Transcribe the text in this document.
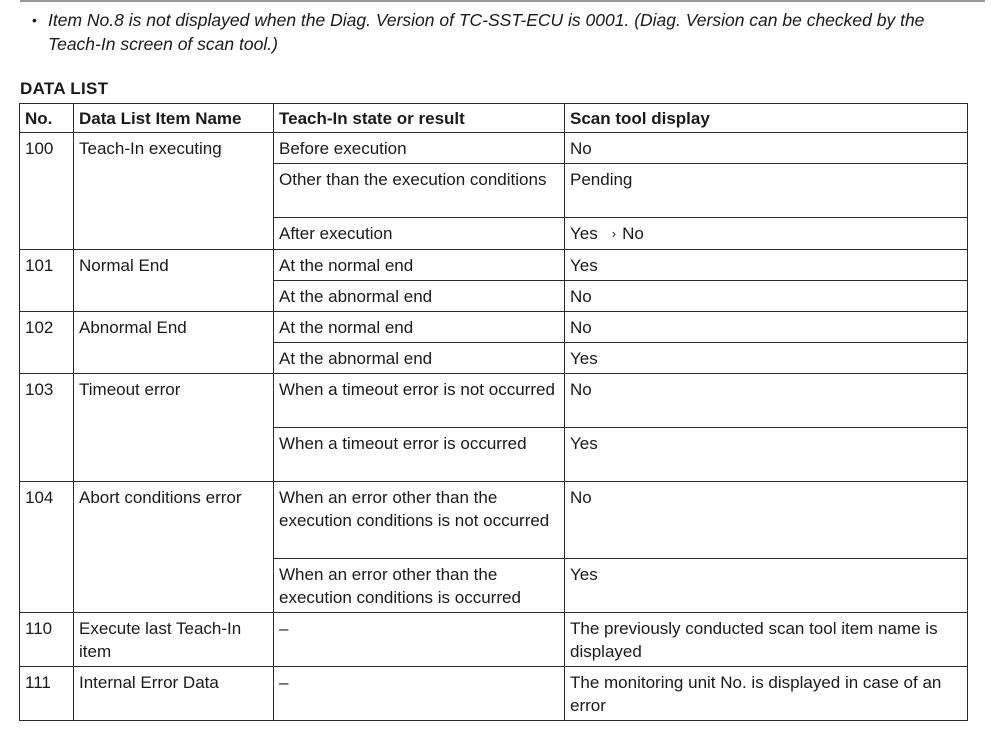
• Item No.8 is not displayed when the Diag. Version of TC-SST-ECU is 0001. (Diag. Version can be checked by the Teach-In screen of scan tool.)
DATA LIST
No.	Data List Item Name	Teach-In state or result	Scan tool display
100	Teach-In executing	Before execution	No
		Other than the execution conditions	Pending
		After execution	Yes › No
101	Normal End	At the normal end	Yes
		At the abnormal end	No
102	Abnormal End	At the normal end	No
		At the abnormal end	Yes
103	Timeout error	When a timeout error is not occurred	No
		When a timeout error is occurred	Yes
104	Abort conditions error	When an error other than the execution conditions is not occurred	No
		When an error other than the execution conditions is occurred	Yes
110	Execute last Teach-In item	–	The previously conducted scan tool item name is displayed
111	Internal Error Data	–	The monitoring unit No. is displayed in case of an error
